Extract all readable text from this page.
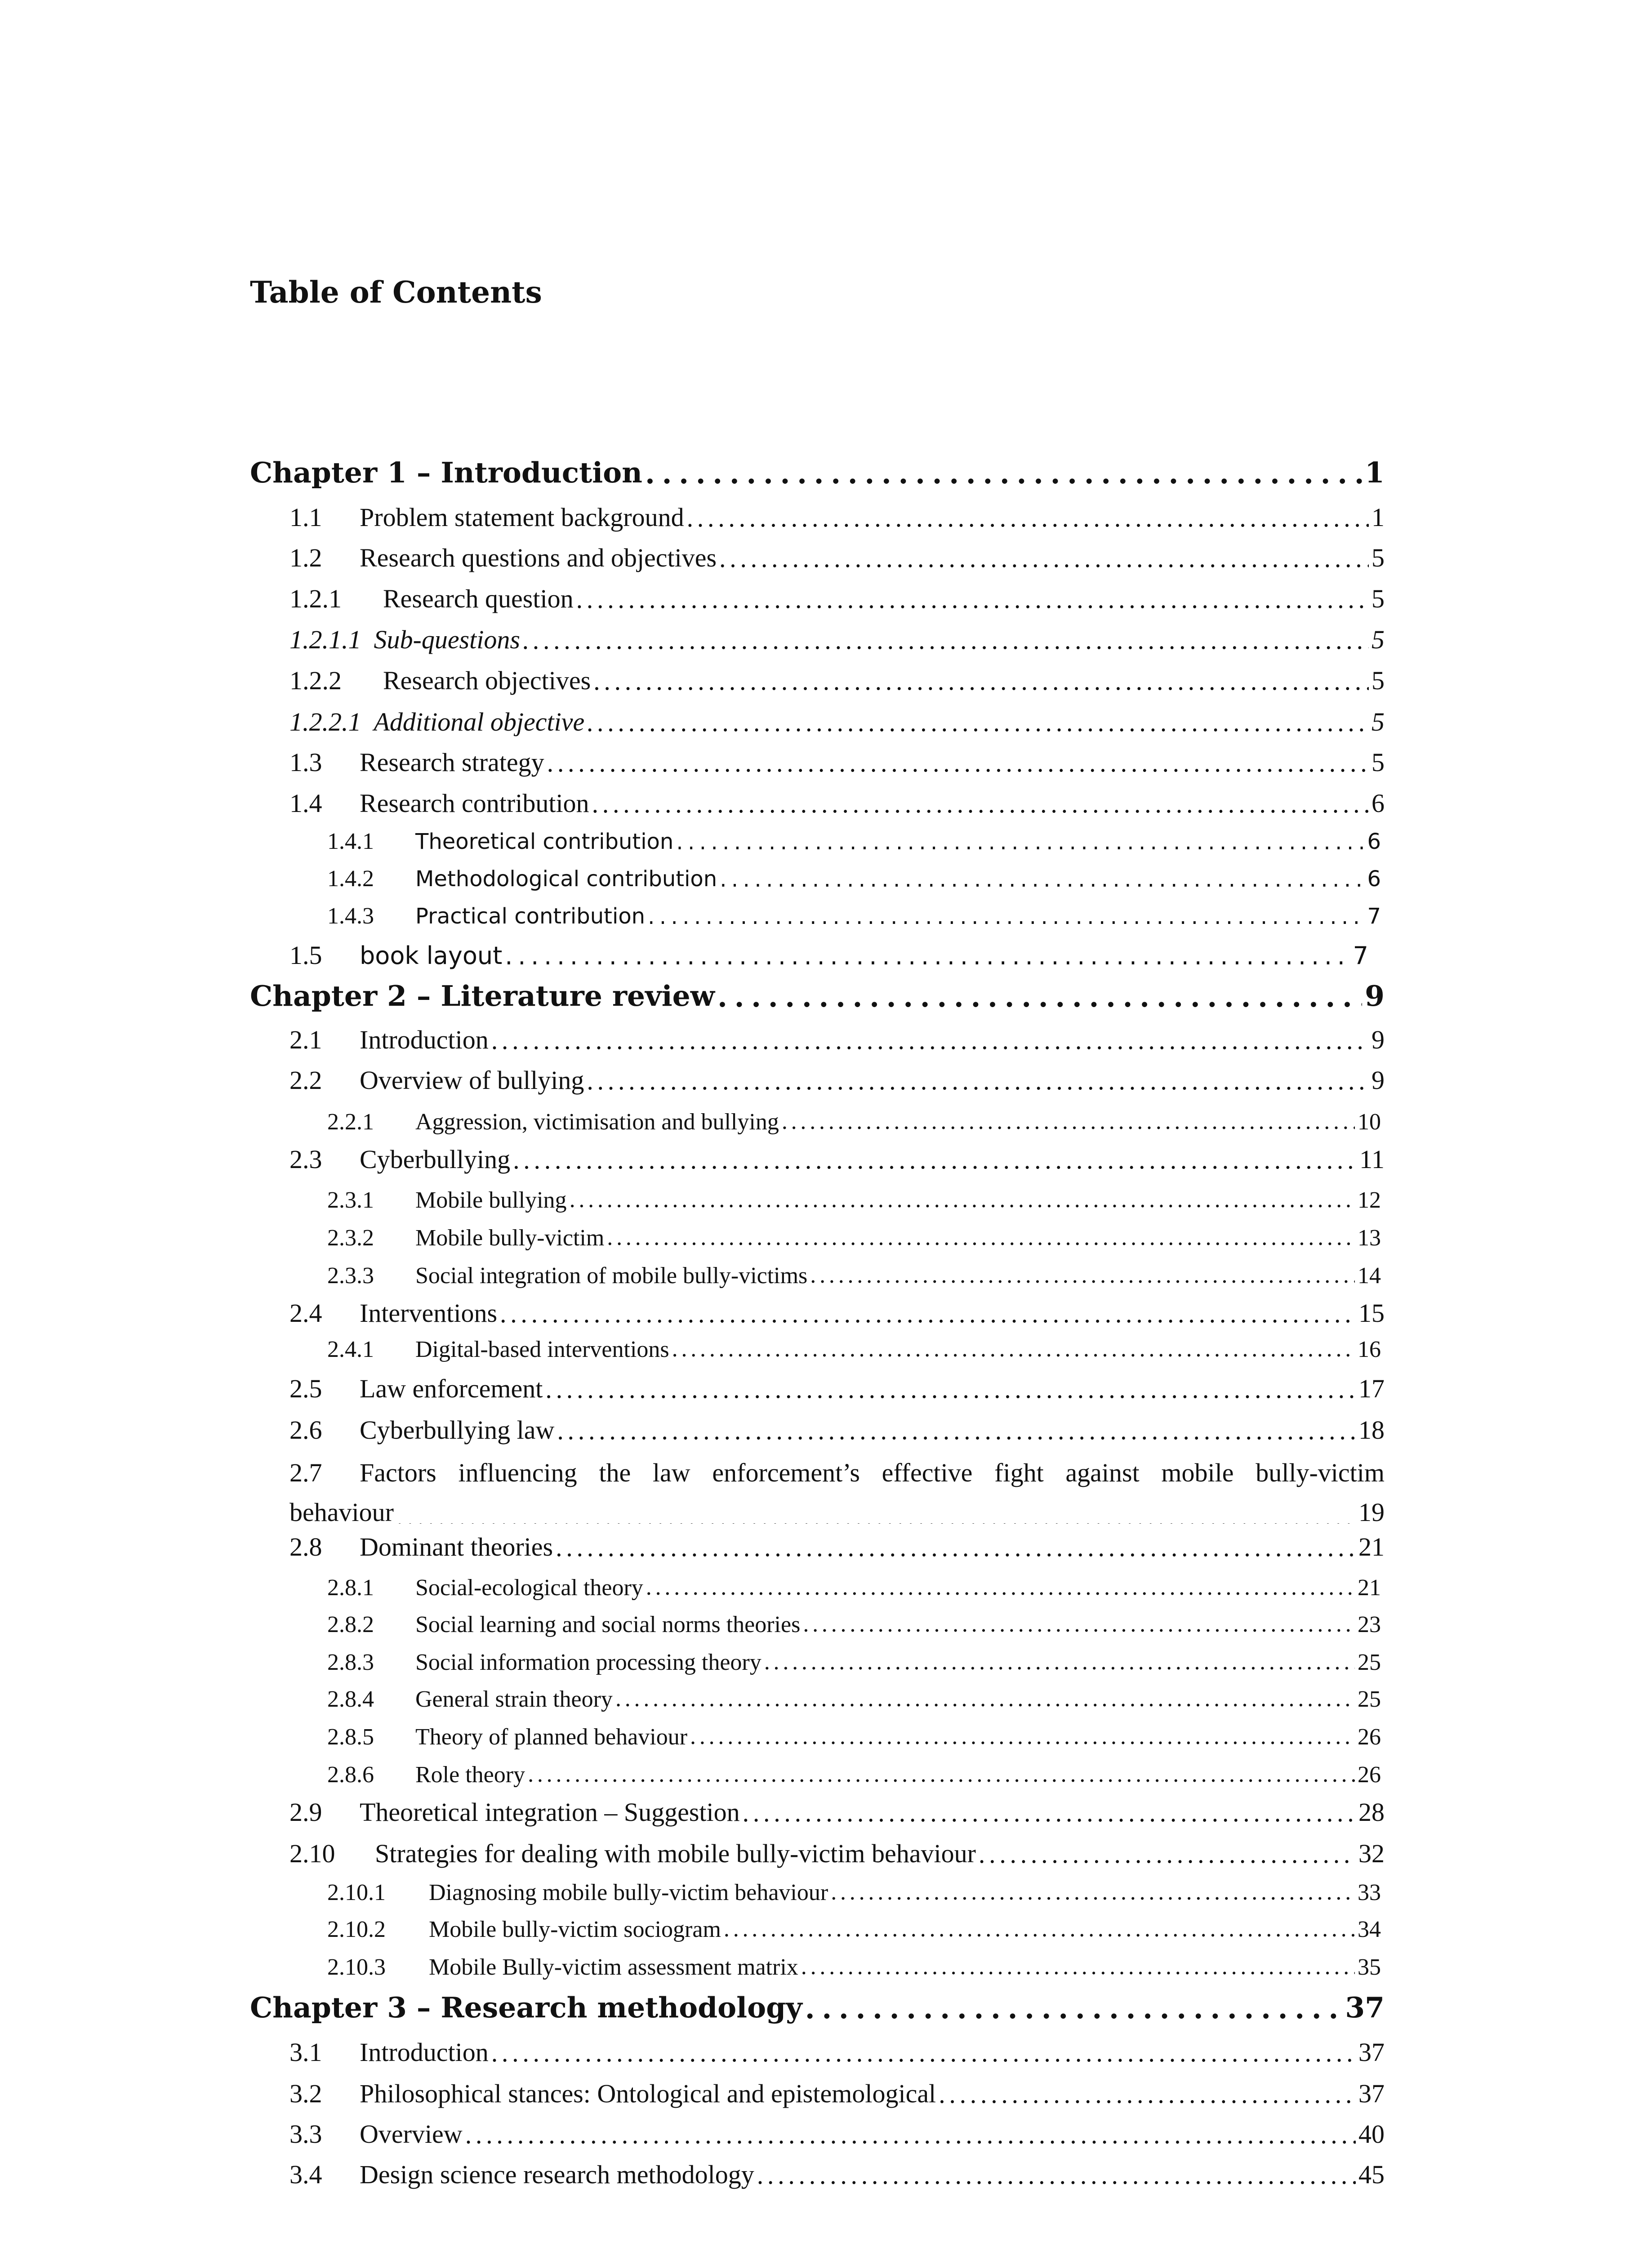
Table of Contents
Chapter 1 – Introduction . . .	1
1.1	Problem statement background . . .	1
1.2	Research questions and objectives . . .	5
1.2.1	Research question . . .	5
1.2.1.1 Sub-questions . . .	5
1.2.2	Research objectives . . .	5
1.2.2.1 Additional objective . . .	5
1.3	Research strategy . . .	5
1.4	Research contribution . . .	6
1.4.1	Theoretical contribution . . .	6
1.4.2	Methodological contribution . . .	6
1.4.3	Practical contribution . . .	7
1.5	book layout . . .	7
Chapter 2 – Literature review . . .	9
2.1	Introduction . . .	9
2.2	Overview of bullying . . .	9
2.2.1	Aggression, victimisation and bullying . . .	10
2.3	Cyberbullying . . .	11
2.3.1	Mobile bullying . . .	12
2.3.2	Mobile bully-victim . . .	13
2.3.3	Social integration of mobile bully-victims . . .	14
2.4	Interventions . . .	15
2.4.1	Digital-based interventions . . .	16
2.5	Law enforcement . . .	17
2.6	Cyberbullying law . . .	18
2.7	Factors influencing the law enforcement’s effective fight against mobile bully-victim
behaviour . . .	19
2.8	Dominant theories . . .	21
2.8.1	Social-ecological theory . . .	21
2.8.2	Social learning and social norms theories . . .	23
2.8.3	Social information processing theory . . .	25
2.8.4	General strain theory . . .	25
2.8.5	Theory of planned behaviour . . .	26
2.8.6	Role theory . . .	26
2.9	Theoretical integration – Suggestion . . .	28
2.10	Strategies for dealing with mobile bully-victim behaviour . . .	32
2.10.1	Diagnosing mobile bully-victim behaviour . . .	33
2.10.2	Mobile bully-victim sociogram . . .	34
2.10.3	Mobile Bully-victim assessment matrix . . .	35
Chapter 3 – Research methodology . . .	37
3.1	Introduction . . .	37
3.2	Philosophical stances: Ontological and epistemological . . .	37
3.3	Overview . . .	40
3.4	Design science research methodology . . .	45
